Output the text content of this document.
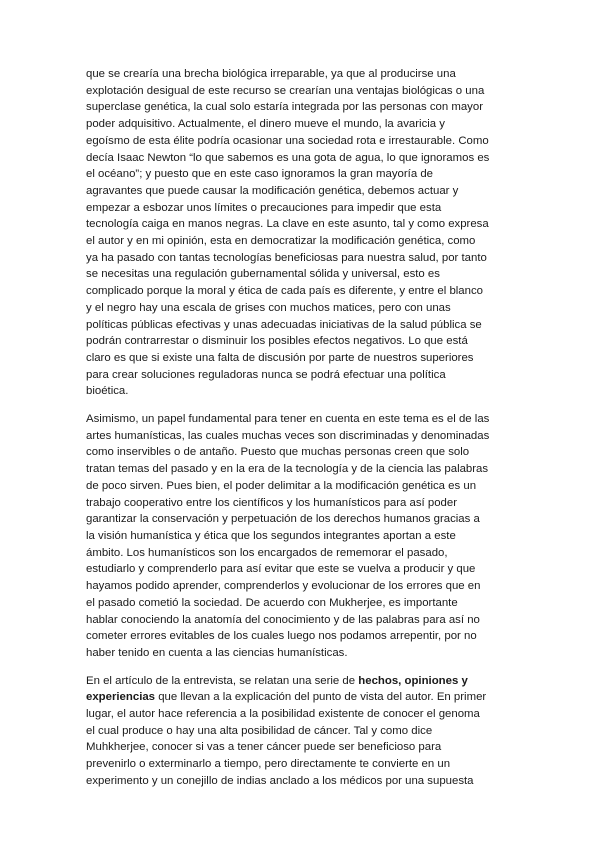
que se crearía una brecha biológica irreparable, ya que al producirse una
explotación desigual de este recurso se crearían una ventajas biológicas o una
superclase genética, la cual solo estaría integrada por las personas con mayor
poder adquisitivo. Actualmente, el dinero mueve el mundo, la avaricia y
egoísmo de esta élite podría ocasionar una sociedad rota e irrestaurable. Como
decía Isaac Newton “lo que sabemos es una gota de agua, lo que ignoramos es
el océano”; y puesto que en este caso ignoramos la gran mayoría de
agravantes que puede causar la modificación genética, debemos actuar y
empezar a esbozar unos límites o precauciones para impedir que esta
tecnología caiga en manos negras. La clave en este asunto, tal y como expresa
el autor y en mi opinión, esta en democratizar la modificación genética, como
ya ha pasado con tantas tecnologías beneficiosas para nuestra salud, por tanto
se necesitas una regulación gubernamental sólida y universal, esto es
complicado porque la moral y ética de cada país es diferente, y entre el blanco
y el negro hay una escala de grises con muchos matices, pero con unas
políticas públicas efectivas y unas adecuadas iniciativas de la salud pública se
podrán contrarrestar o disminuir los posibles efectos negativos. Lo que está
claro es que si existe una falta de discusión por parte de nuestros superiores
para crear soluciones reguladoras nunca se podrá efectuar una política
bioética.
Asimismo, un papel fundamental para tener en cuenta en este tema es el de las
artes humanísticas, las cuales muchas veces son discriminadas y denominadas
como inservibles o de antaño. Puesto que muchas personas creen que solo
tratan temas del pasado y en la era de la tecnología y de la ciencia las palabras
de poco sirven. Pues bien, el poder delimitar a la modificación genética es un
trabajo cooperativo entre los científicos y los humanísticos para así poder
garantizar la conservación y perpetuación de los derechos humanos gracias a
la visión humanística y ética que los segundos integrantes aportan a este
ámbito. Los humanísticos son los encargados de rememorar el pasado,
estudiarlo y comprenderlo para así evitar que este se vuelva a producir y que
hayamos podido aprender, comprenderlos y evolucionar de los errores que en
el pasado cometió la sociedad. De acuerdo con Mukherjee, es importante
hablar conociendo la anatomía del conocimiento y de las palabras para así no
cometer errores evitables de los cuales luego nos podamos arrepentir, por no
haber tenido en cuenta a las ciencias humanísticas.
En el artículo de la entrevista, se relatan una serie de hechos, opiniones y
experiencias que llevan a la explicación del punto de vista del autor. En primer
lugar, el autor hace referencia a la posibilidad existente de conocer el genoma
el cual produce o hay una alta posibilidad de cáncer. Tal y como dice
Muhkherjee, conocer si vas a tener cáncer puede ser beneficioso para
prevenirlo o exterminarlo a tiempo, pero directamente te convierte en un
experimento y un conejillo de indias anclado a los médicos por una supuesta
